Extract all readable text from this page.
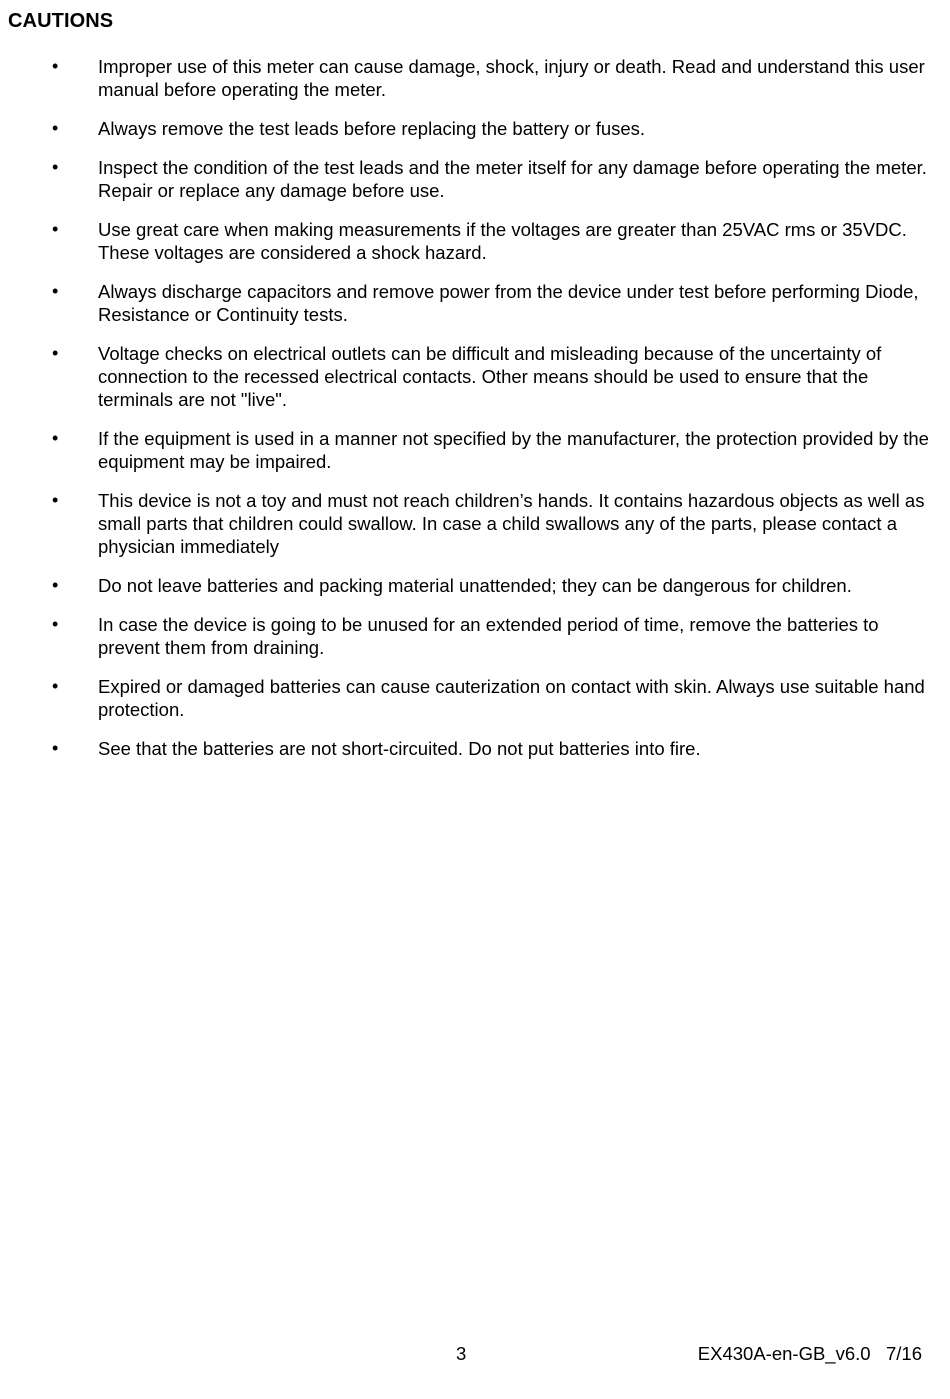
CAUTIONS
• Improper use of this meter can cause damage, shock, injury or death. Read and understand this user manual before operating the meter.
• Always remove the test leads before replacing the battery or fuses.
• Inspect the condition of the test leads and the meter itself for any damage before operating the meter. Repair or replace any damage before use.
• Use great care when making measurements if the voltages are greater than 25VAC rms or 35VDC. These voltages are considered a shock hazard.
• Always discharge capacitors and remove power from the device under test before performing Diode, Resistance or Continuity tests.
• Voltage checks on electrical outlets can be difficult and misleading because of the uncertainty of connection to the recessed electrical contacts. Other means should be used to ensure that the terminals are not "live".
• If the equipment is used in a manner not specified by the manufacturer, the protection provided by the equipment may be impaired.
• This device is not a toy and must not reach children’s hands. It contains hazardous objects as well as small parts that children could swallow. In case a child swallows any of the parts, please contact a physician immediately
• Do not leave batteries and packing material unattended; they can be dangerous for children.
• In case the device is going to be unused for an extended period of time, remove the batteries to prevent them from draining.
• Expired or damaged batteries can cause cauterization on contact with skin. Always use suitable hand protection.
• See that the batteries are not short-circuited. Do not put batteries into fire.
3	EX430A-en-GB_v6.0   7/16
